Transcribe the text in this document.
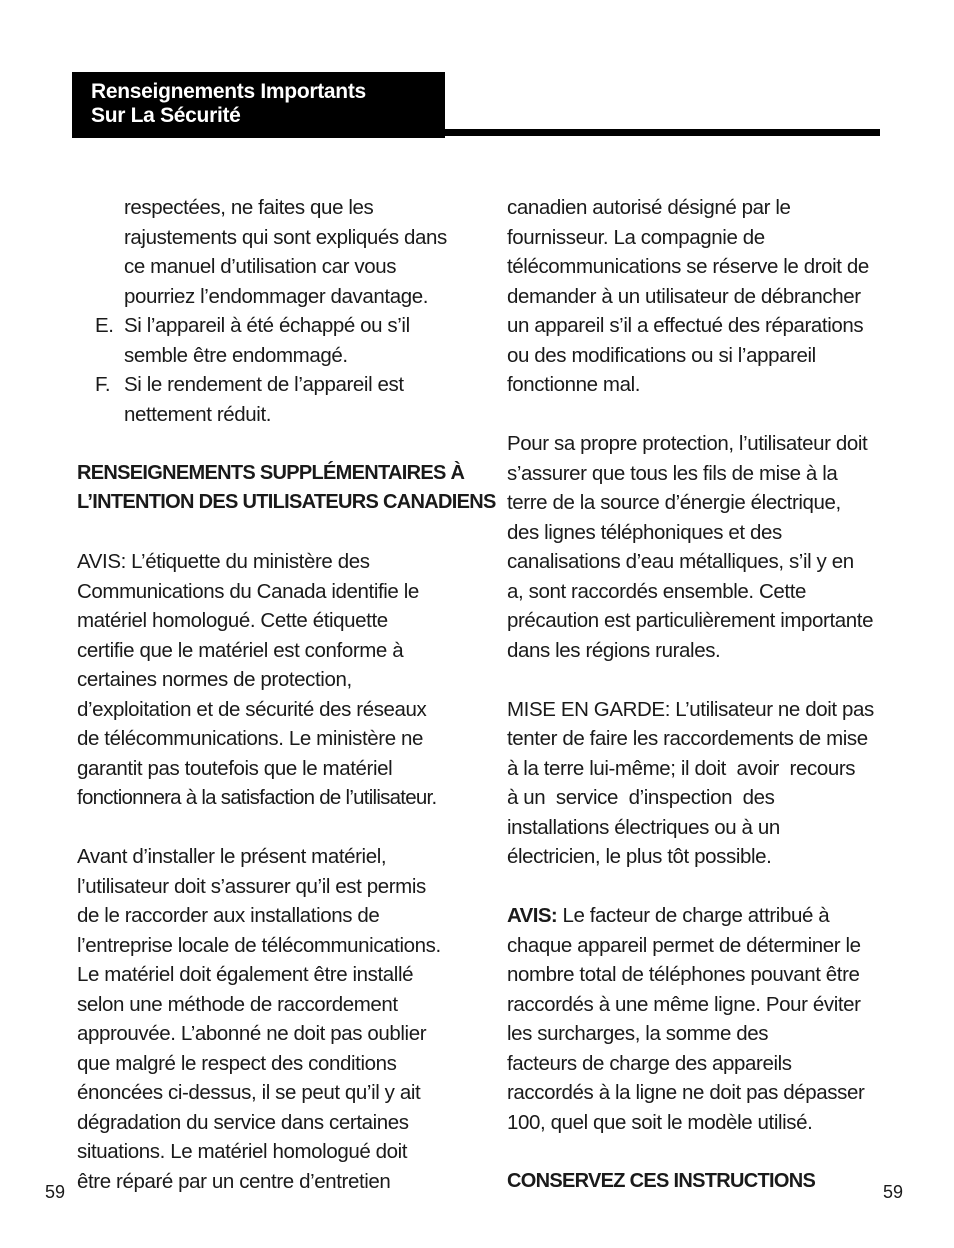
Renseignements Importants
Sur La Sécurité
respectées, ne faites que les
rajustements qui sont expliqués dans
ce manuel d’utilisation car vous
pourriez l’endommager davantage.
E. Si l’appareil à été échappé ou s’il
semble être endommagé.
F. Si le rendement de l’appareil est
nettement réduit.
RENSEIGNEMENTS SUPPLÉMENTAIRES À
L’INTENTION DES UTILISATEURS CANADIENS
AVIS: L’étiquette du ministère des
Communications du Canada identifie le
matériel homologué. Cette étiquette
certifie que le matériel est conforme à
certaines normes de protection,
d’exploitation et de sécurité des réseaux
de télécommunications. Le ministère ne
garantit pas toutefois que le matériel
fonctionnera à la satisfaction de l’utilisateur.
Avant d’installer le présent matériel,
l’utilisateur doit s’assurer qu’il est permis
de le raccorder aux installations de
l’entreprise locale de télécommunications.
Le matériel doit également être installé
selon une méthode de raccordement
approuvée. L’abonné ne doit pas oublier
que malgré le respect des conditions
énoncées ci-dessus, il se peut qu’il y ait
dégradation du service dans certaines
situations. Le matériel homologué doit
être réparé par un centre d’entretien
canadien autorisé désigné par le
fournisseur. La compagnie de
télécommunications se réserve le droit de
demander à un utilisateur de débrancher
un appareil s’il a effectué des réparations
ou des modifications ou si l’appareil
fonctionne mal.
Pour sa propre protection, l’utilisateur doit
s’assurer que tous les fils de mise à la
terre de la source d’énergie électrique,
des lignes téléphoniques et des
canalisations d’eau métalliques, s’il y en
a, sont raccordés ensemble. Cette
précaution est particulièrement importante
dans les régions rurales.
MISE EN GARDE: L’utilisateur ne doit pas
tenter de faire les raccordements de mise
à la terre lui-même; il doit  avoir  recours
à un  service  d’inspection  des
installations électriques ou à un
électricien, le plus tôt possible.
AVIS: Le facteur de charge attribué à
chaque appareil permet de déterminer le
nombre total de téléphones pouvant être
raccordés à une même ligne. Pour éviter
les surcharges, la somme des
facteurs de charge des appareils
raccordés à la ligne ne doit pas dépasser
100, quel que soit le modèle utilisé.
CONSERVEZ CES INSTRUCTIONS
59	59
